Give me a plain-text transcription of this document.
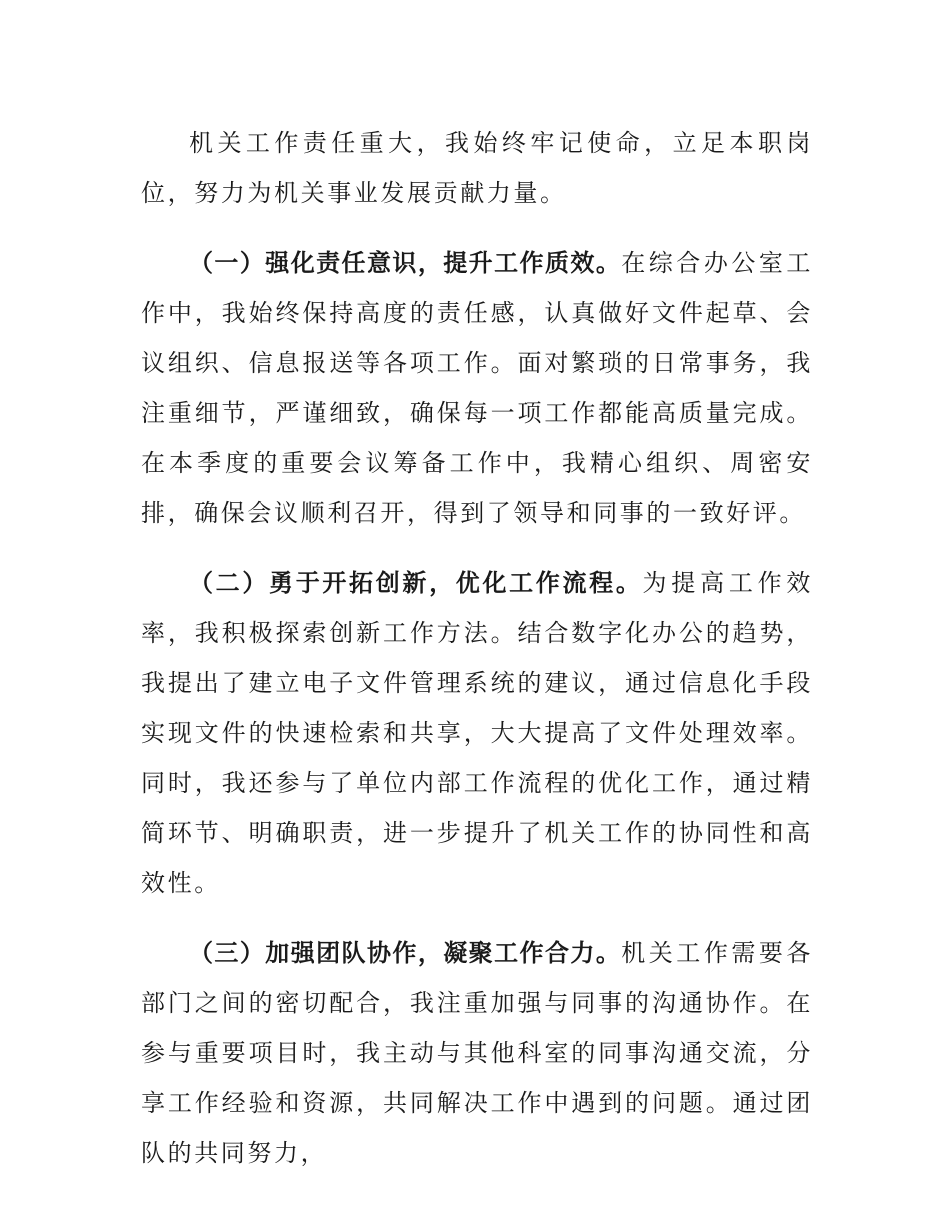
机关工作责任重大，我始终牢记使命，立足本职岗位，努力为机关事业发展贡献力量。

（一）强化责任意识，提升工作质效。在综合办公室工作中，我始终保持高度的责任感，认真做好文件起草、会议组织、信息报送等各项工作。面对繁琐的日常事务，我注重细节，严谨细致，确保每一项工作都能高质量完成。在本季度的重要会议筹备工作中，我精心组织、周密安排，确保会议顺利召开，得到了领导和同事的一致好评。

（二）勇于开拓创新，优化工作流程。为提高工作效率，我积极探索创新工作方法。结合数字化办公的趋势，我提出了建立电子文件管理系统的建议，通过信息化手段实现文件的快速检索和共享，大大提高了文件处理效率。同时，我还参与了单位内部工作流程的优化工作，通过精简环节、明确职责，进一步提升了机关工作的协同性和高效性。

（三）加强团队协作，凝聚工作合力。机关工作需要各部门之间的密切配合，我注重加强与同事的沟通协作。在参与重要项目时，我主动与其他科室的同事沟通交流，分享工作经验和资源，共同解决工作中遇到的问题。通过团队的共同努力，
